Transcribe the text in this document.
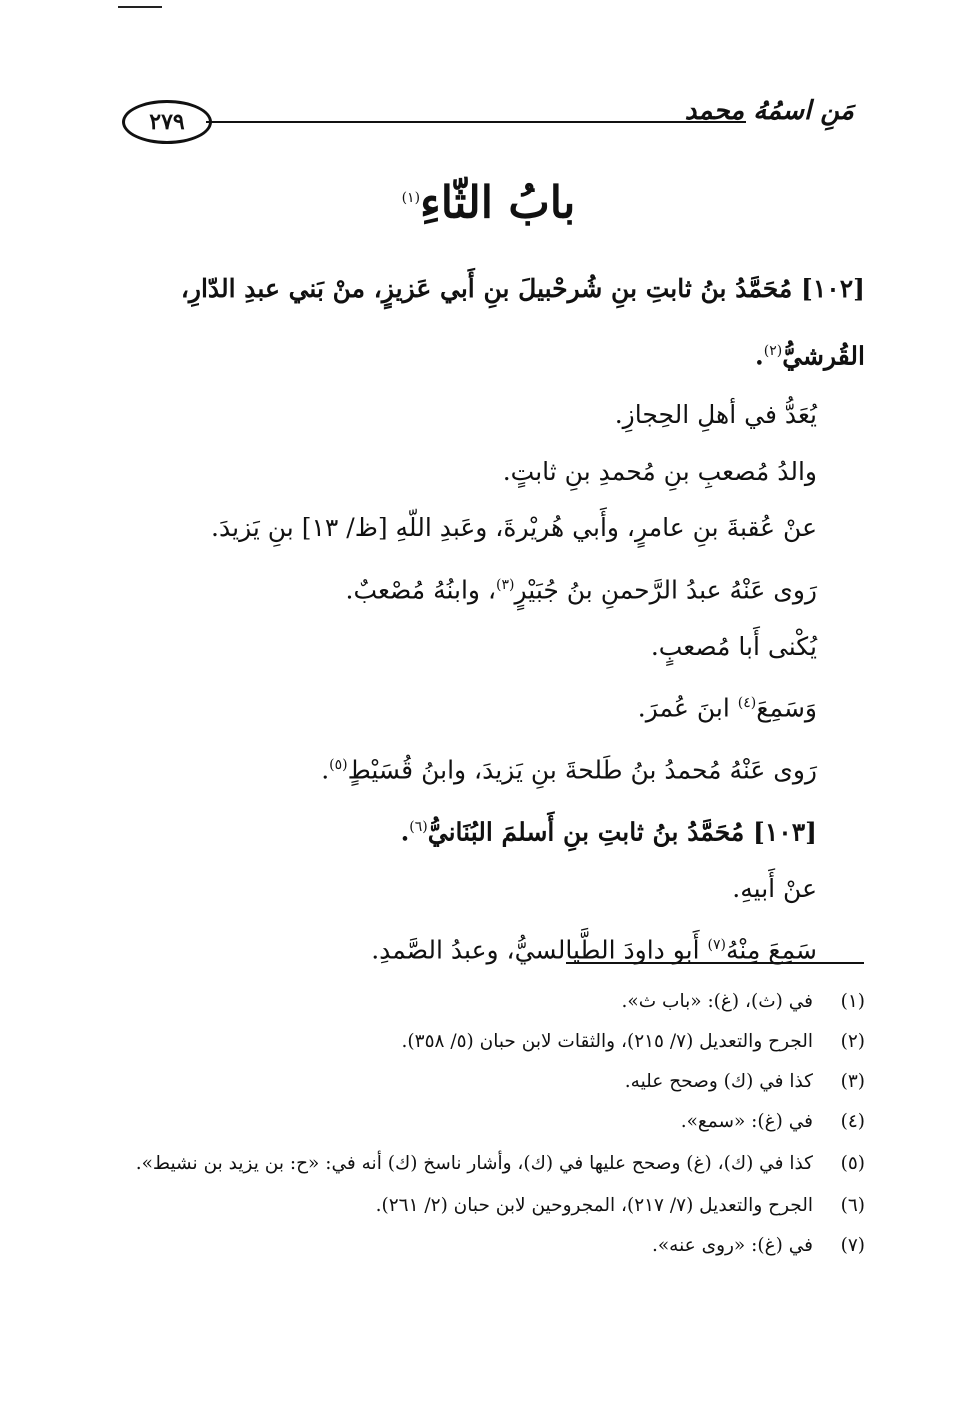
٢٧٩	مَنِ اسمُهُ محمد
بابُ الثّاءِ$^{(١)}$

[١٠٢] مُحَمَّدُ بنُ ثابتِ بنِ شُرحْبيلَ بنِ أَبي عَزيزٍ، منْ بَني عبدِ الدّارِ،
القُرشيُّ$^{(٢)}$.

يُعَدُّ في أهلِ الحِجازِ.

والدُ مُصعبِ بنِ مُحمدِ بنِ ثابتٍ.

عنْ عُقبةَ بنِ عامرٍ، وأَبي هُريْرةَ، وعَبدِ اللّهِ [ظ/ ١٣] بنِ يَزيدَ.

رَوى عَنْهُ عبدُ الرَّحمنِ بنُ جُبَيْرٍ$^{(٣)}$، وابنُهُ مُصْعبٌ.

يُكْنى أَبا مُصعبٍ.

وَسَمِعَ$^{(٤)}$ ابنَ عُمرَ.

رَوى عَنْهُ مُحمدُ بنُ طَلحةَ بنِ يَزيدَ، وابنُ قُسَيْطٍ$^{(٥)}$.

[١٠٣] مُحَمَّدُ بنُ ثابتِ بنِ أَسلمَ البُنَانيُّ$^{(٦)}$.

عنْ أَبيهِ.

سَمِعَ مِنْهُ$^{(٧)}$ أَبو داودَ الطَّيالسيُّ، وعبدُ الصَّمدِ.

(١)
في (ث)، (غ): «باب ث».
(٢)
الجرح والتعديل (٧/ ٢١٥)، والثقات لابن حبان (٥/ ٣٥٨).
(٣)
كذا في (ك) وصحح عليه.
(٤)
في (غ): «سمع».
(٥)
كذا في (ك)، (غ) وصحح عليها في (ك)، وأشار ناسخ (ك) أنه في: «ح: بن يزيد بن نشيط».
(٦)
الجرح والتعديل (٧/ ٢١٧)، المجروحين لابن حبان (٢/ ٢٦١).
(٧)
في (غ): «روى عنه».
